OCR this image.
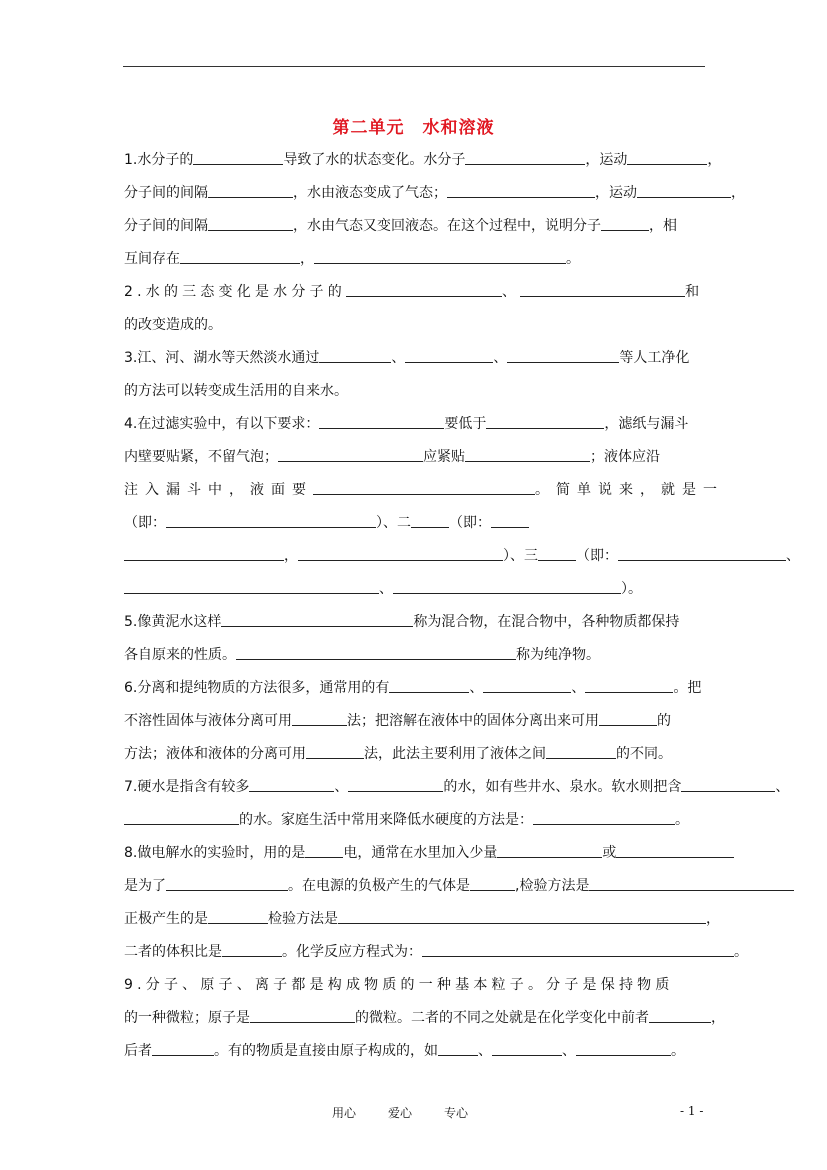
第二单元　水和溶液
1.水分子的	导致了水的状态变化。水分子	，运动	，
分子间的间隔	，水由液态变成了气态；	，运动	，
分子间的间隔	，水由气态又变回液态。在这个过程中，说明分子	，相
互间存在	，	。
2.水的三态变化是水分子的	、	和
的改变造成的。
3.江、河、湖水等天然淡水通过	、	、	等人工净化
的方法可以转变成生活用的自来水。
4.在过滤实验中，有以下要求：	要低于	，滤纸与漏斗
内壁要贴紧，不留气泡；	应紧贴	；液体应沿
注入漏斗中，液面要	。简单说来，就是一
（即：	）、二	（即：
，	）、三	（即：	、
、	）。
5.像黄泥水这样	称为混合物，在混合物中，各种物质都保持
各自原来的性质。	称为纯净物。
6.分离和提纯物质的方法很多，通常用的有	、	、	。把
不溶性固体与液体分离可用	法；把溶解在液体中的固体分离出来可用	的
方法；液体和液体的分离可用	法，此法主要利用了液体之间	的不同。
7.硬水是指含有较多	、	的水，如有些井水、泉水。软水则把含	、
的水。家庭生活中常用来降低水硬度的方法是：	。
8.做电解水的实验时，用的是	电，通常在水里加入少量	或
是为了	。在电源的负极产生的气体是	,检验方法是
正极产生的是	检验方法是	，
二者的体积比是	。化学反应方程式为：	。
9.分子、原子、离子都是构成物质的一种基本粒子。分子是保持物质
的一种微粒；原子是	的微粒。二者的不同之处就是在化学变化中前者	，
后者	。有的物质是直接由原子构成的，如	、	、	。
用心	爱心	专心	- 1 -
